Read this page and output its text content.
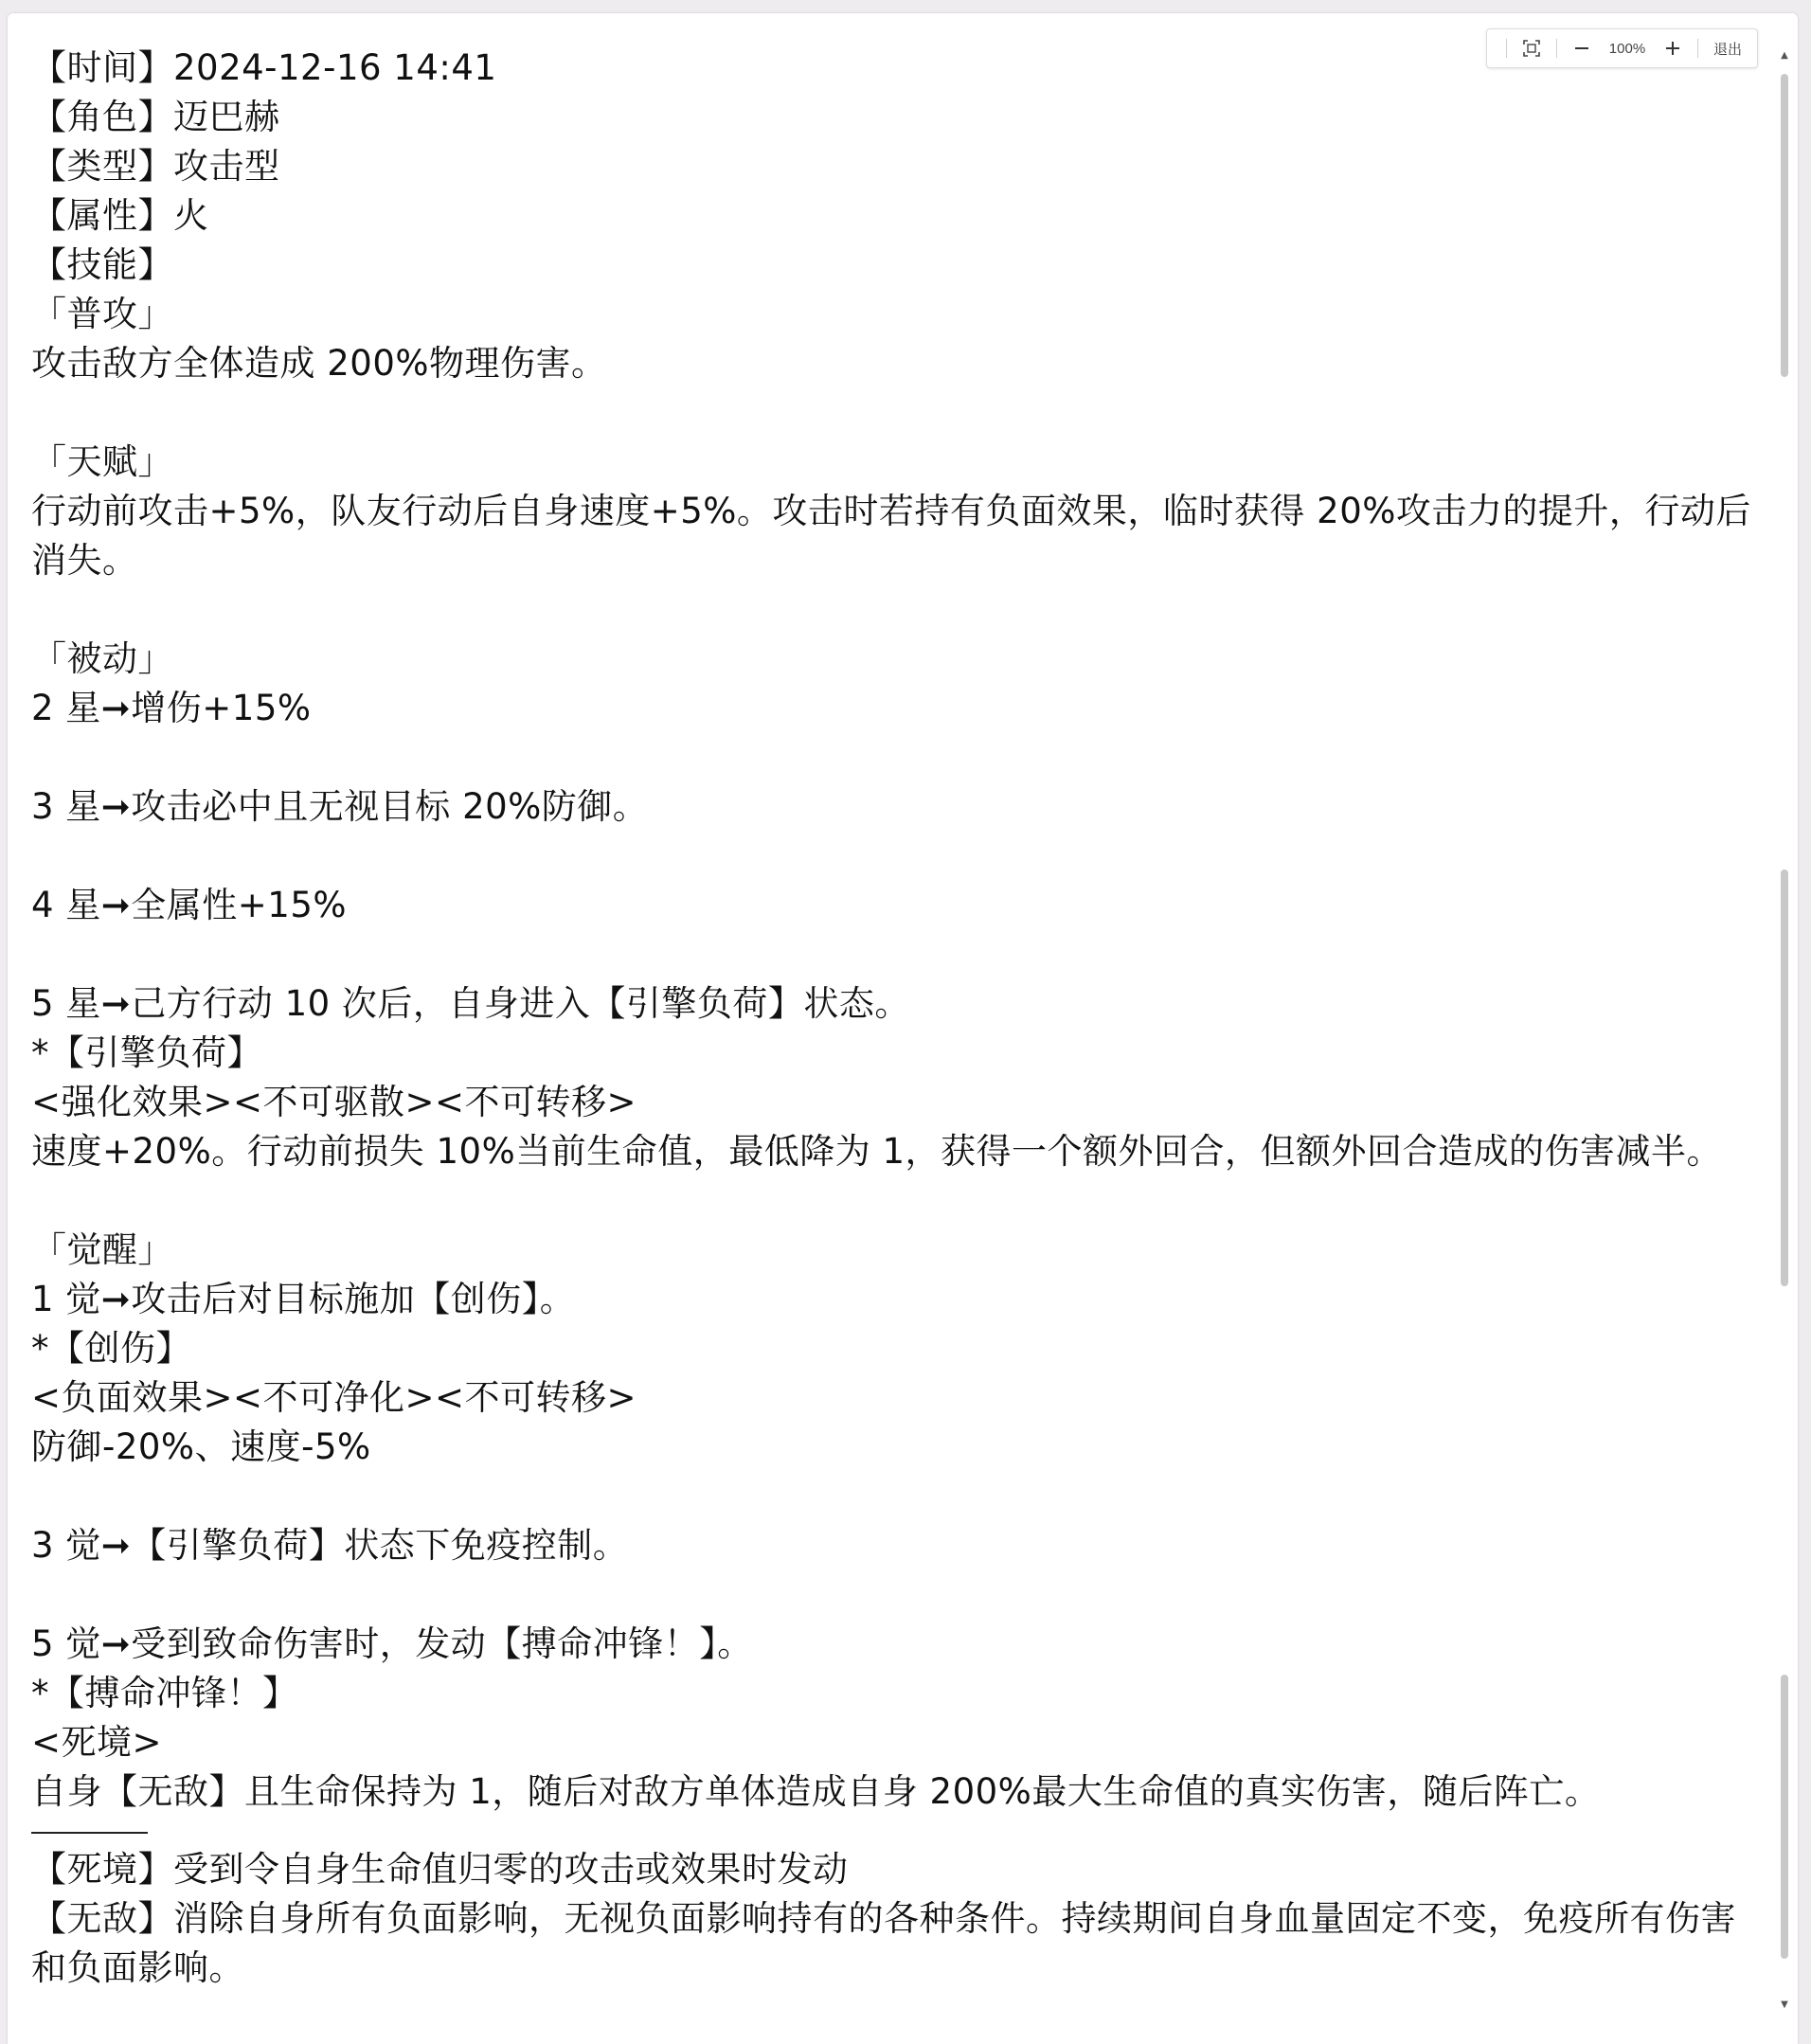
【时间】2024-12-16 14:41
【角色】迈巴赫
【类型】攻击型
【属性】火
【技能】
「普攻」
攻击敌方全体造成 200%物理伤害。
「天赋」
行动前攻击+5%，队友行动后自身速度+5%。攻击时若持有负面效果，临时获得 20%攻击力的提升，行动后消失。
「被动」
2 星➞增伤+15%
3 星➞攻击必中且无视目标 20%防御。
4 星➞全属性+15%
5 星➞己方行动 10 次后，自身进入【引擎负荷】状态。
*【引擎负荷】
<强化效果><不可驱散><不可转移>
速度+20%。行动前损失 10%当前生命值，最低降为 1，获得一个额外回合，但额外回合造成的伤害减半。
「觉醒」
1 觉➞攻击后对目标施加【创伤】。
*【创伤】
<负面效果><不可净化><不可转移>
防御-20%、速度-5%
3 觉➞【引擎负荷】状态下免疫控制。
5 觉➞受到致命伤害时，发动【搏命冲锋！】。
*【搏命冲锋！】
<死境>
自身【无敌】且生命保持为 1，随后对敌方单体造成自身 200%最大生命值的真实伤害，随后阵亡。
【死境】受到令自身生命值归零的攻击或效果时发动
【无敌】消除自身所有负面影响，无视负面影响持有的各种条件。持续期间自身血量固定不变，免疫所有伤害和负面影响。
100%	退出	▲
▼
